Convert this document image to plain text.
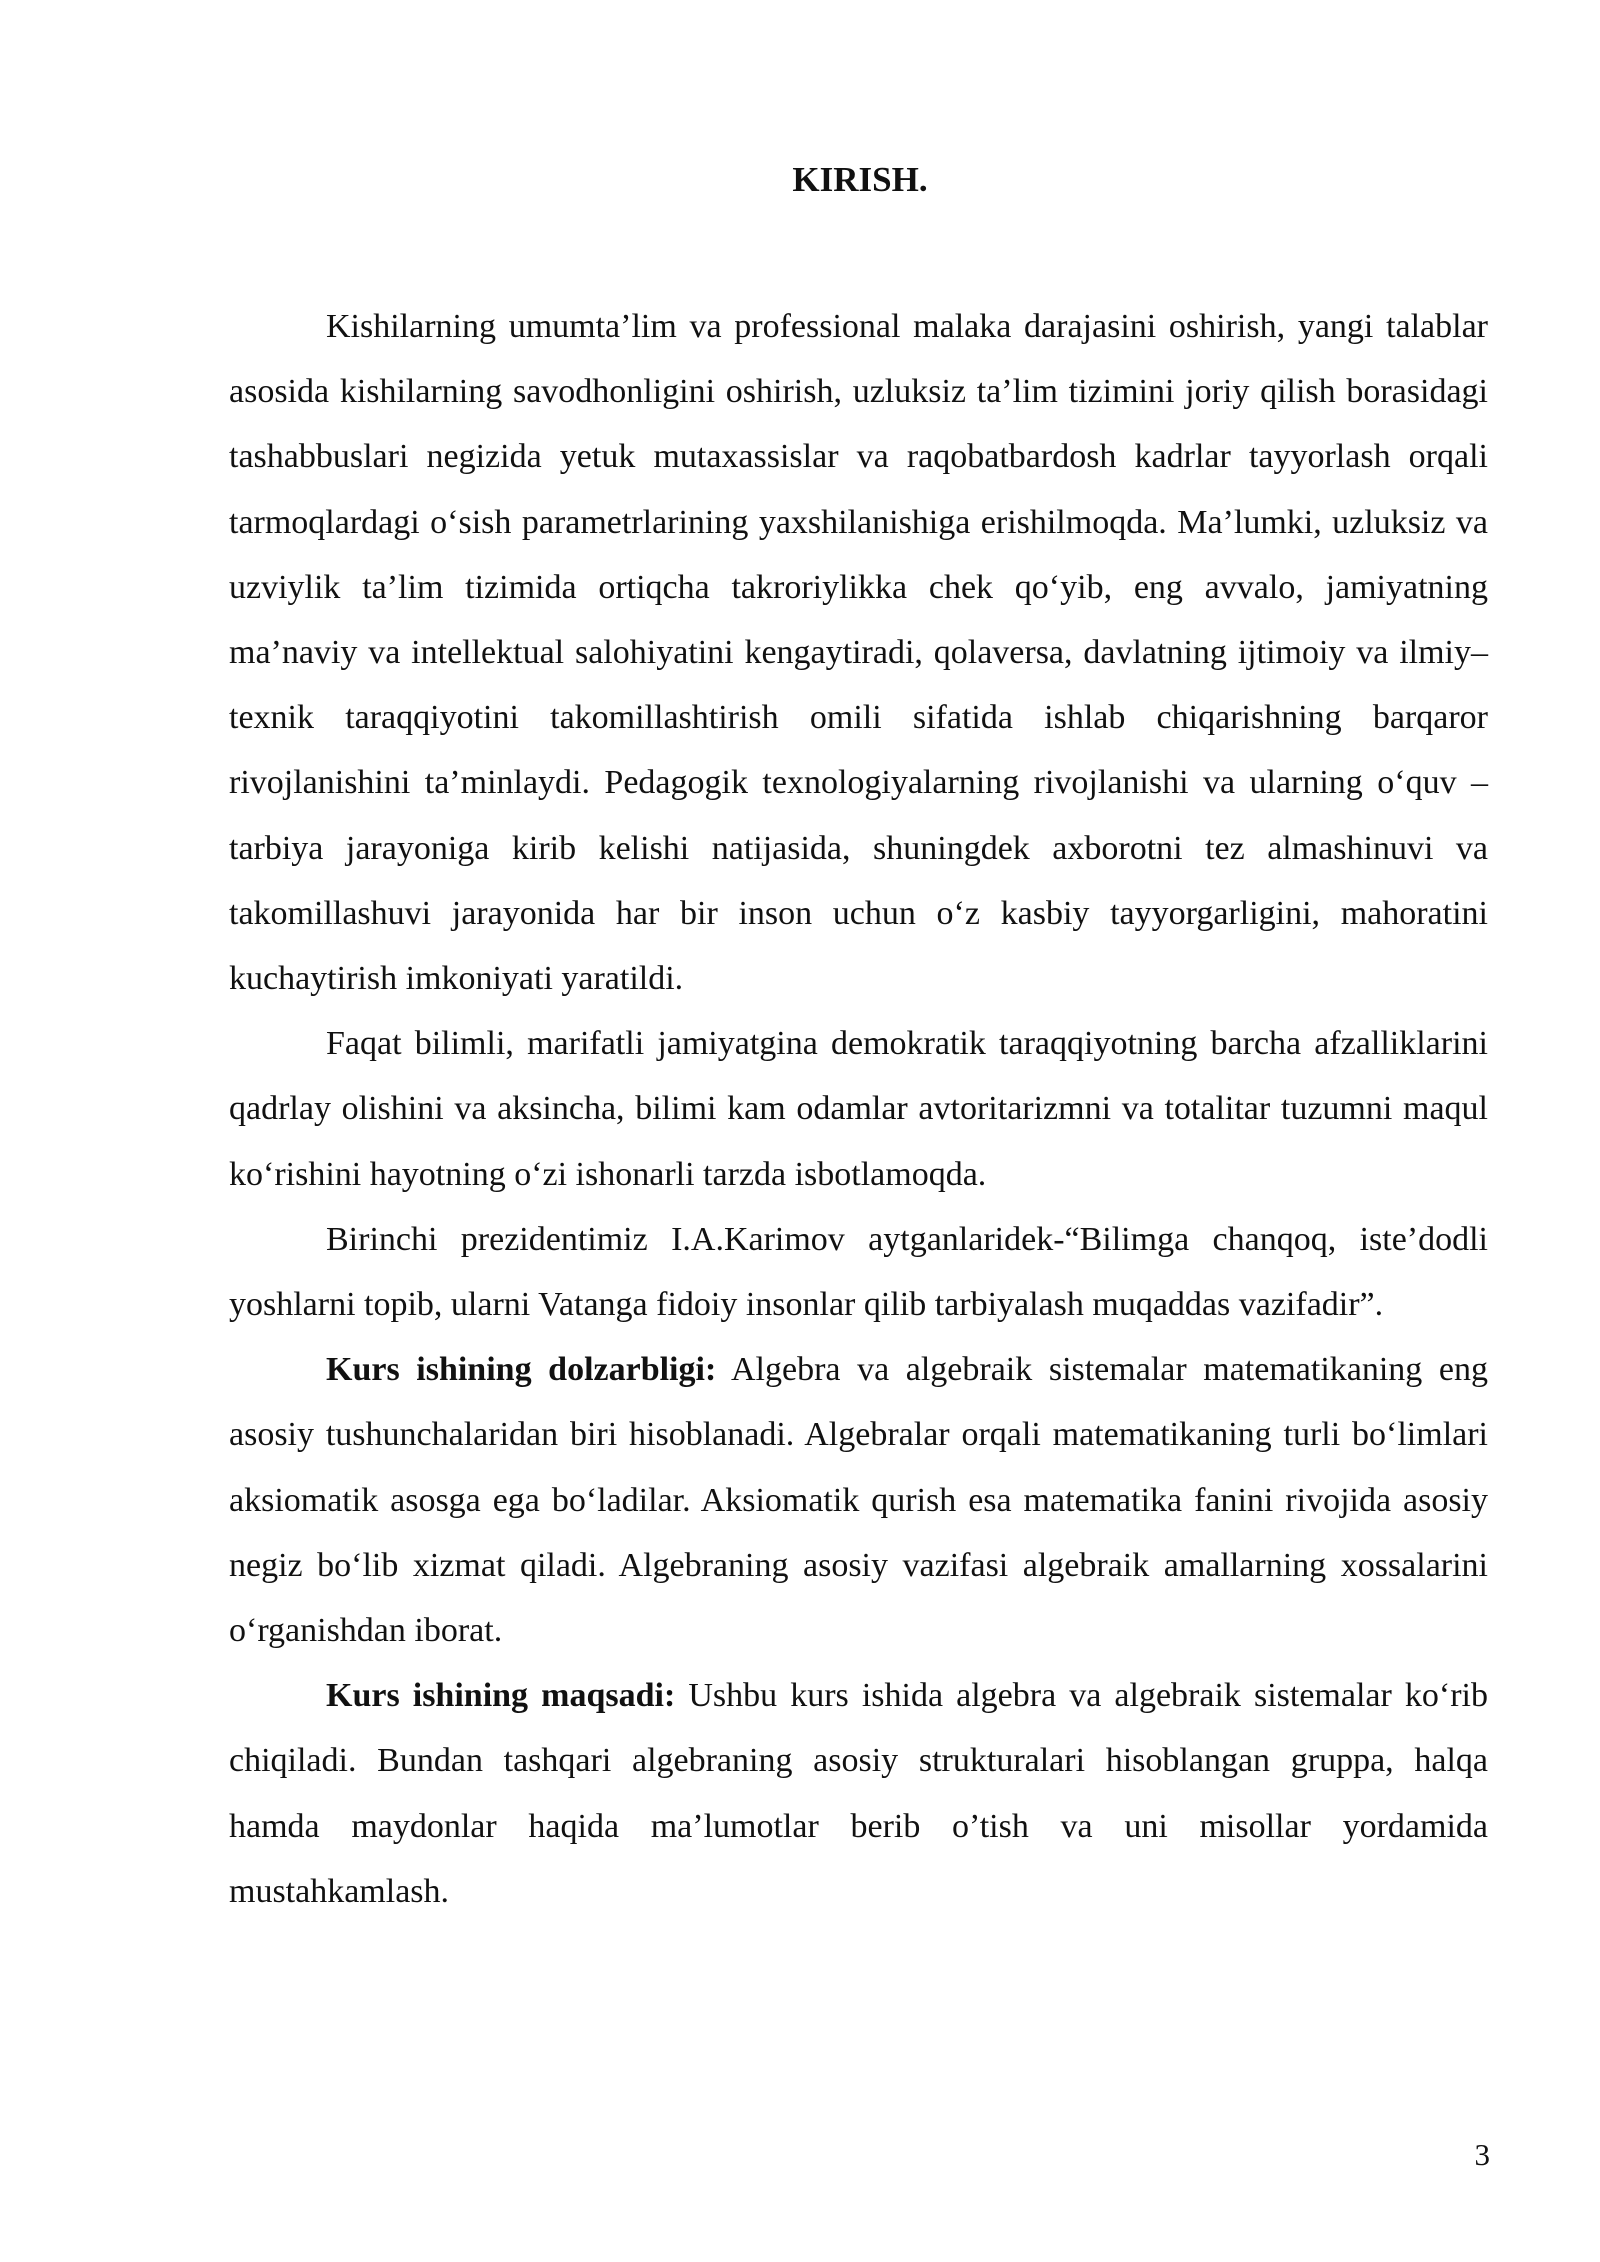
KIRISH.

Kishilarning umumta’lim va professional malaka darajasini oshirish, yangi talablar asosida kishilarning savodhonligini oshirish, uzluksiz ta’lim tizimini joriy qilish borasidagi tashabbuslari negizida yetuk mutaxassislar va raqobatbardosh kadrlar tayyorlash orqali tarmoqlardagi o‘sish parametrlarining yaxshilanishiga erishilmoqda. Ma’lumki, uzluksiz va uzviylik ta’lim tizimida ortiqcha takroriylikka chek qo‘yib, eng avvalo, jamiyatning ma’naviy va intellektual salohiyatini kengaytiradi, qolaversa, davlatning ijtimoiy va ilmiy–texnik taraqqiyotini takomillashtirish omili sifatida ishlab chiqarishning barqaror rivojlanishini ta’minlaydi. Pedagogik texnologiyalarning rivojlanishi va ularning o‘quv – tarbiya jarayoniga kirib kelishi natijasida, shuningdek axborotni tez almashinuvi va takomillashuvi jarayonida har bir inson uchun o‘z kasbiy tayyorgarligini, mahoratini kuchaytirish imkoniyati yaratildi.

Faqat bilimli, marifatli jamiyatgina demokratik taraqqiyotning barcha afzalliklarini qadrlay olishini va aksincha, bilimi kam odamlar avtoritarizmni va totalitar tuzumni maqul ko‘rishini hayotning o‘zi ishonarli tarzda isbotlamoqda.

Birinchi prezidentimiz I.A.Karimov aytganlaridek-“Bilimga chanqoq, iste’dodli yoshlarni topib, ularni Vatanga fidoiy insonlar qilib tarbiyalash muqaddas vazifadir”.

Kurs ishining dolzarbligi: Algebra va algebraik sistemalar matematikaning eng asosiy tushunchalaridan biri hisoblanadi. Algebralar orqali matematikaning turli bo‘limlari aksiomatik asosga ega bo‘ladilar. Aksiomatik qurish esa matematika fanini rivojida asosiy negiz bo‘lib xizmat qiladi. Algebraning asosiy vazifasi algebraik amallarning xossalarini o‘rganishdan iborat.

Kurs ishining maqsadi: Ushbu kurs ishida algebra va algebraik sistemalar ko‘rib chiqiladi. Bundan tashqari algebraning asosiy strukturalari hisoblangan gruppa, halqa hamda maydonlar haqida ma’lumotlar berib o’tish va uni misollar yordamida mustahkamlash.

3
